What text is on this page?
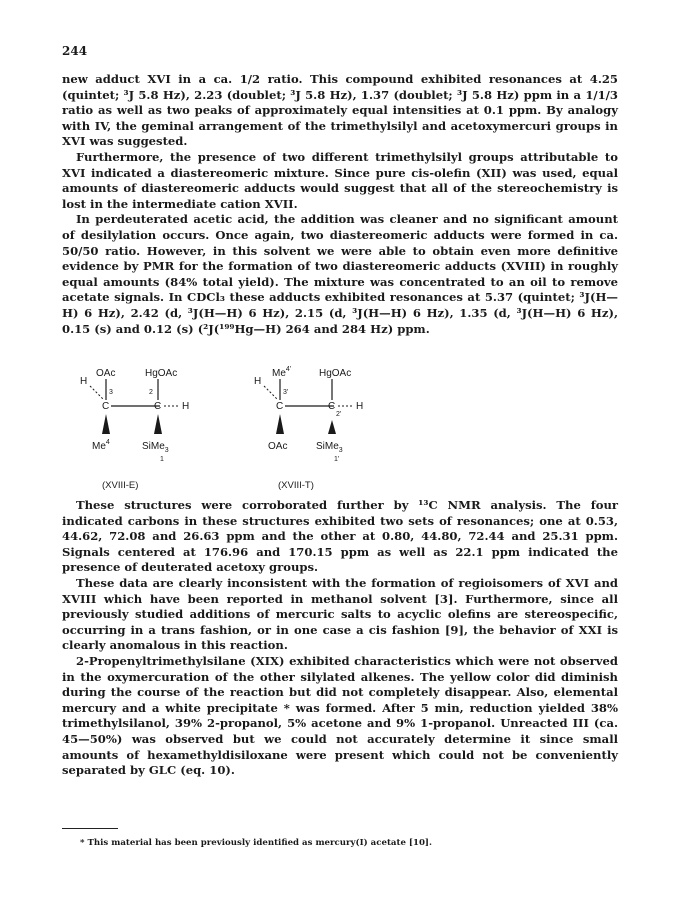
244

new adduct XVI in a ca. 1/2 ratio. This compound exhibited resonances at 4.25 (quintet; ³J 5.8 Hz), 2.23 (doublet; ³J 5.8 Hz), 1.37 (doublet; ³J 5.8 Hz) ppm in a 1/1/3 ratio as well as two peaks of approximately equal intensities at 0.1 ppm. By analogy with IV, the geminal arrangement of the trimethylsilyl and acetoxymercuri groups in XVI was suggested.

Furthermore, the presence of two different trimethylsilyl groups attributable to XVI indicated a diastereomeric mixture. Since pure cis-olefin (XII) was used, equal amounts of diastereomeric adducts would suggest that all of the stereochemistry is lost in the intermediate cation XVII.

In perdeuterated acetic acid, the addition was cleaner and no significant amount of desilylation occurs. Once again, two diastereomeric adducts were formed in ca. 50/50 ratio. However, in this solvent we were able to obtain even more definitive evidence by PMR for the formation of two diastereomeric adducts (XVIII) in roughly equal amounts (84% total yield). The mixture was concentrated to an oil to remove acetate signals. In CDCl₃ these adducts exhibited resonances at 5.37 (quintet; ³J(H—H) 6 Hz), 2.42 (d, ³J(H—H) 6 Hz), 2.15 (d, ³J(H—H) 6 Hz), 1.35 (d, ³J(H—H) 6 Hz), 0.15 (s) and 0.12 (s) (²J(¹⁹⁹Hg—H) 264 and 284 Hz) ppm.

H
OAc
3
C
HgOAc
2
C H
Me$^4$	SiMe$_3$
1
(XVIII-E)
H
$Me^{4'}$
3'
C
HgOAc
2'
C H
OAc	SiMe$_3$
1'
(XVIII-T)

These structures were corroborated further by ¹³C NMR analysis. The four indicated carbons in these structures exhibited two sets of resonances; one at 0.53, 44.62, 72.08 and 26.63 ppm and the other at 0.80, 44.80, 72.44 and 25.31 ppm. Signals centered at 176.96 and 170.15 ppm as well as 22.1 ppm indicated the presence of deuterated acetoxy groups.

These data are clearly inconsistent with the formation of regioisomers of XVI and XVIII which have been reported in methanol solvent [3]. Furthermore, since all previously studied additions of mercuric salts to acyclic olefins are stereospecific, occurring in a trans fashion, or in one case a cis fashion [9], the behavior of XXI is clearly anomalous in this reaction.

2-Propenyltrimethylsilane (XIX) exhibited characteristics which were not observed in the oxymercuration of the other silylated alkenes. The yellow color did diminish during the course of the reaction but did not completely disappear. Also, elemental mercury and a white precipitate * was formed. After 5 min, reduction yielded 38% trimethylsilanol, 39% 2-propanol, 5% acetone and 9% 1-propanol. Unreacted III (ca. 45—50%) was observed but we could not accurately determine it since small amounts of hexamethyldisiloxane were present which could not be conveniently separated by GLC (eq. 10).

* This material has been previously identified as mercury(I) acetate [10].
